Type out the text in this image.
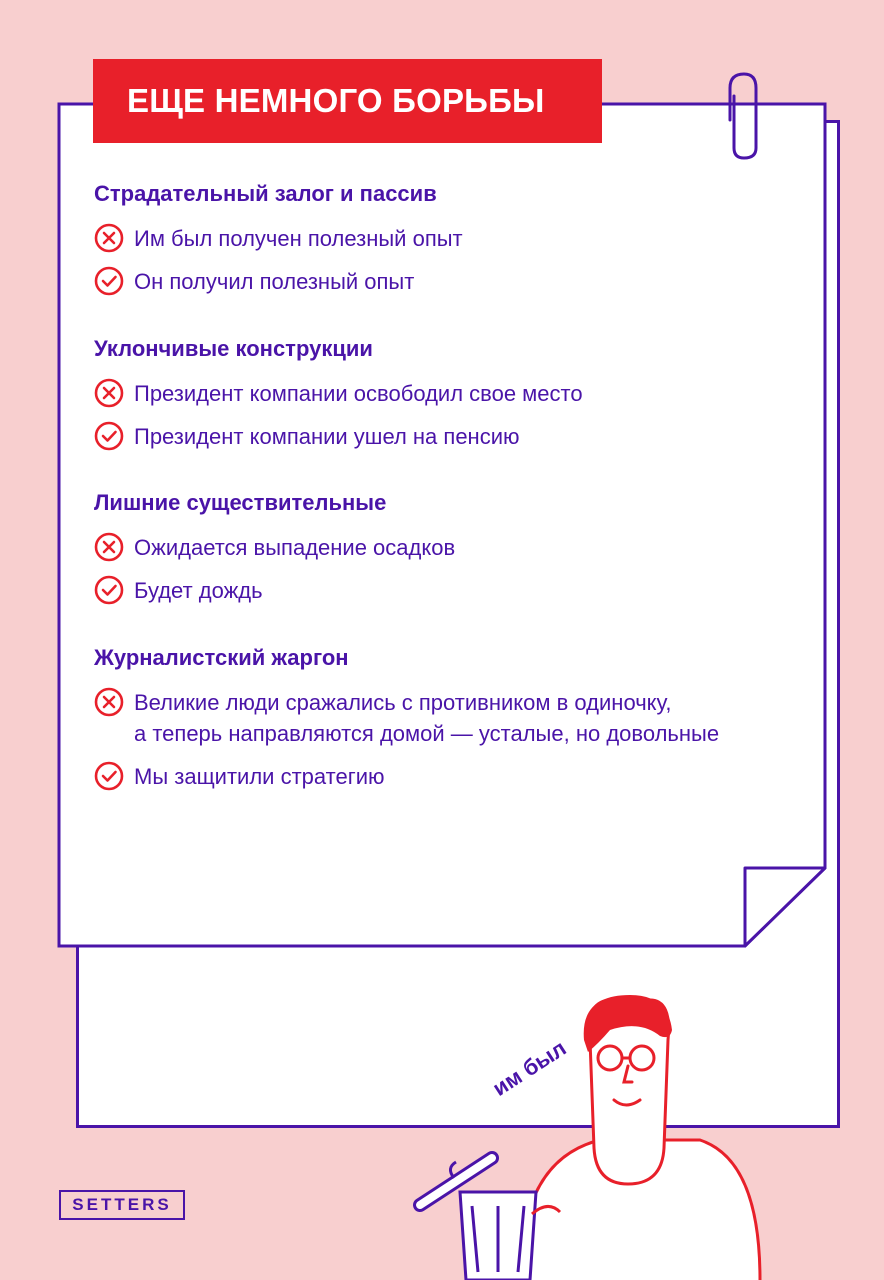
ЕЩЕ НЕМНОГО БОРЬБЫ
Страдательный залог и пассив
Им был получен полезный опыт
Он получил полезный опыт
Уклончивые конструкции
Президент компании освободил свое место
Президент компании ушел на пенсию
Лишние существительные
Ожидается выпадение осадков
Будет дождь
Журналистский жаргон
Великие люди сражались с противником в одиночку,
а теперь направляются домой — усталые, но довольные
Мы защитили стратегию
им был
SETTERS
